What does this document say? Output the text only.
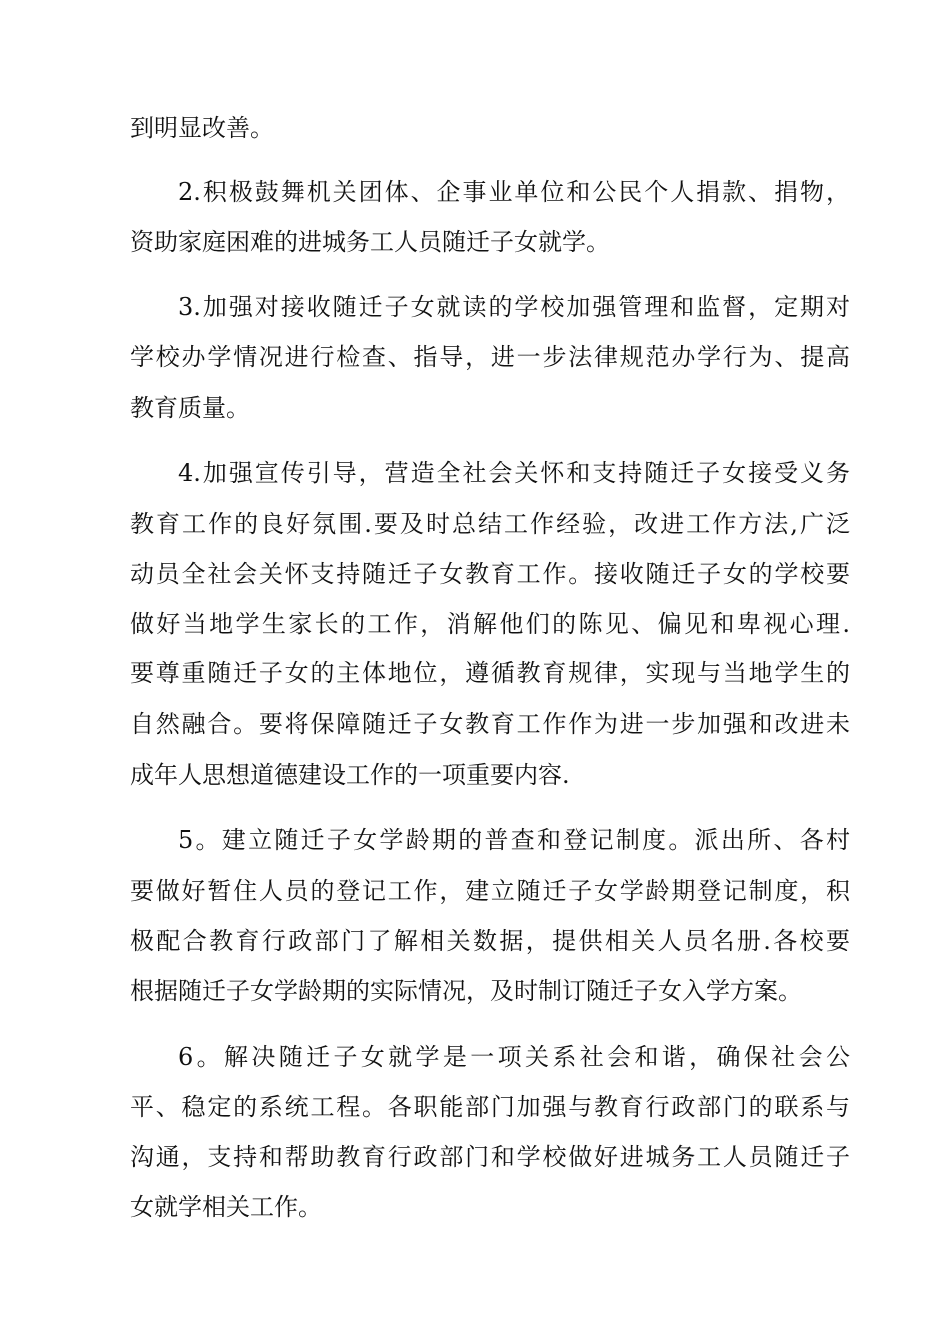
到明显改善。
2.积极鼓舞机关团体、企事业单位和公民个人捐款、捐物，
资助家庭困难的进城务工人员随迁子女就学。
3.加强对接收随迁子女就读的学校加强管理和监督，定期对
学校办学情况进行检查、指导，进一步法律规范办学行为、提高
教育质量。
4.加强宣传引导，营造全社会关怀和支持随迁子女接受义务
教育工作的良好氛围.要及时总结工作经验，改进工作方法,广泛
动员全社会关怀支持随迁子女教育工作。接收随迁子女的学校要
做好当地学生家长的工作，消解他们的陈见、偏见和卑视心理.
要尊重随迁子女的主体地位，遵循教育规律，实现与当地学生的
自然融合。要将保障随迁子女教育工作作为进一步加强和改进未
成年人思想道德建设工作的一项重要内容.
5。建立随迁子女学龄期的普查和登记制度。派出所、各村
要做好暂住人员的登记工作，建立随迁子女学龄期登记制度，积
极配合教育行政部门了解相关数据，提供相关人员名册.各校要
根据随迁子女学龄期的实际情况，及时制订随迁子女入学方案。
6。解决随迁子女就学是一项关系社会和谐，确保社会公
平、稳定的系统工程。各职能部门加强与教育行政部门的联系与
沟通，支持和帮助教育行政部门和学校做好进城务工人员随迁子
女就学相关工作。
